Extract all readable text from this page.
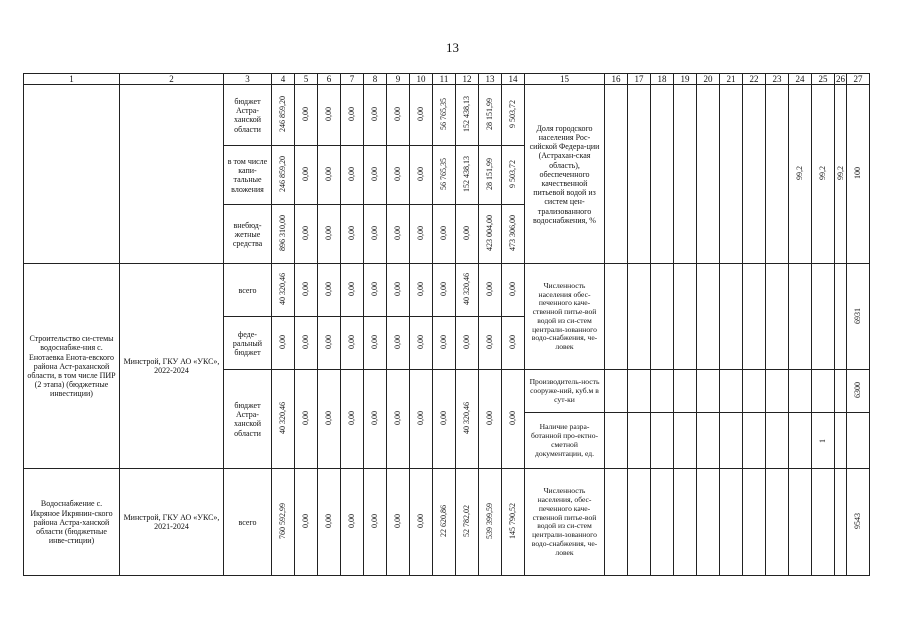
13
1	2	3	4	5	6	7	8	9	10	11	12	13	14	15	16	17	18	19	20	21	22	23	24	25	26	27

		бюджет Астра-ханской области	246 859,20	0,00	0,00	0,00	0,00	0,00	0,00	56 765,35	152 438,13	28 151,99	9 503,72	Доля городского населения Рос-сийской Федера-ции (Астрахан-ская область), обеспеченного качественной питьевой водой из систем цен-трализованного водоснабжения, %									99,2	99,2	99,2	100

		в том числе капи-тальные вложения	246 859,20	0,00	0,00	0,00	0,00	0,00	0,00	56 765,35	152 438,13	28 151,99	9 503,72													

		внебюд-жетные средства	896 310,00	0,00	0,00	0,00	0,00	0,00	0,00	0,00	0,00	423 004,00	473 306,00													

Строительство си-стемы водоснабже-ния с. Енотаевка Енота-евского района Аст-раханской области, в том числе ПИР (2 этапа) (бюджетные инвестиции)	Минстрой, ГКУ АО «УКС», 2022-2024	всего	40 320,46	0,00	0,00	0,00	0,00	0,00	0,00	0,00	40 320,46	0,00	0,00	Численность населения обес-печенного каче-ственной питье-вой водой из си-стем централи-зованного водо-снабжения, че-ловек												6931

		феде-ральный бюджет	0,00	0,00	0,00	0,00	0,00	0,00	0,00	0,00	0,00	0,00	0,00													

		бюджет Астра-ханской области	40 320,46	0,00	0,00	0,00	0,00	0,00	0,00	0,00	40 320,46	0,00	0,00	Производитель-ность сооруже-ний, куб.м в сут-ки												6300

														Наличие разра-ботанной про-ектно-сметной документации, ед.										1		

Водоснабжение с. Икряное Икрянин-ского района Астра-ханской области (бюджетные инве-стиции)	Минстрой, ГКУ АО «УКС», 2021-2024	всего	760 592,99	0,00	0,00	0,00	0,00	0,00	0,00	22 620,86	52 782,02	539 399,59	145 790,52	Численность населения, обес-печенного каче-ственной питье-вой водой из си-стем централи-зованного водо-снабжения, че-ловек												9543
